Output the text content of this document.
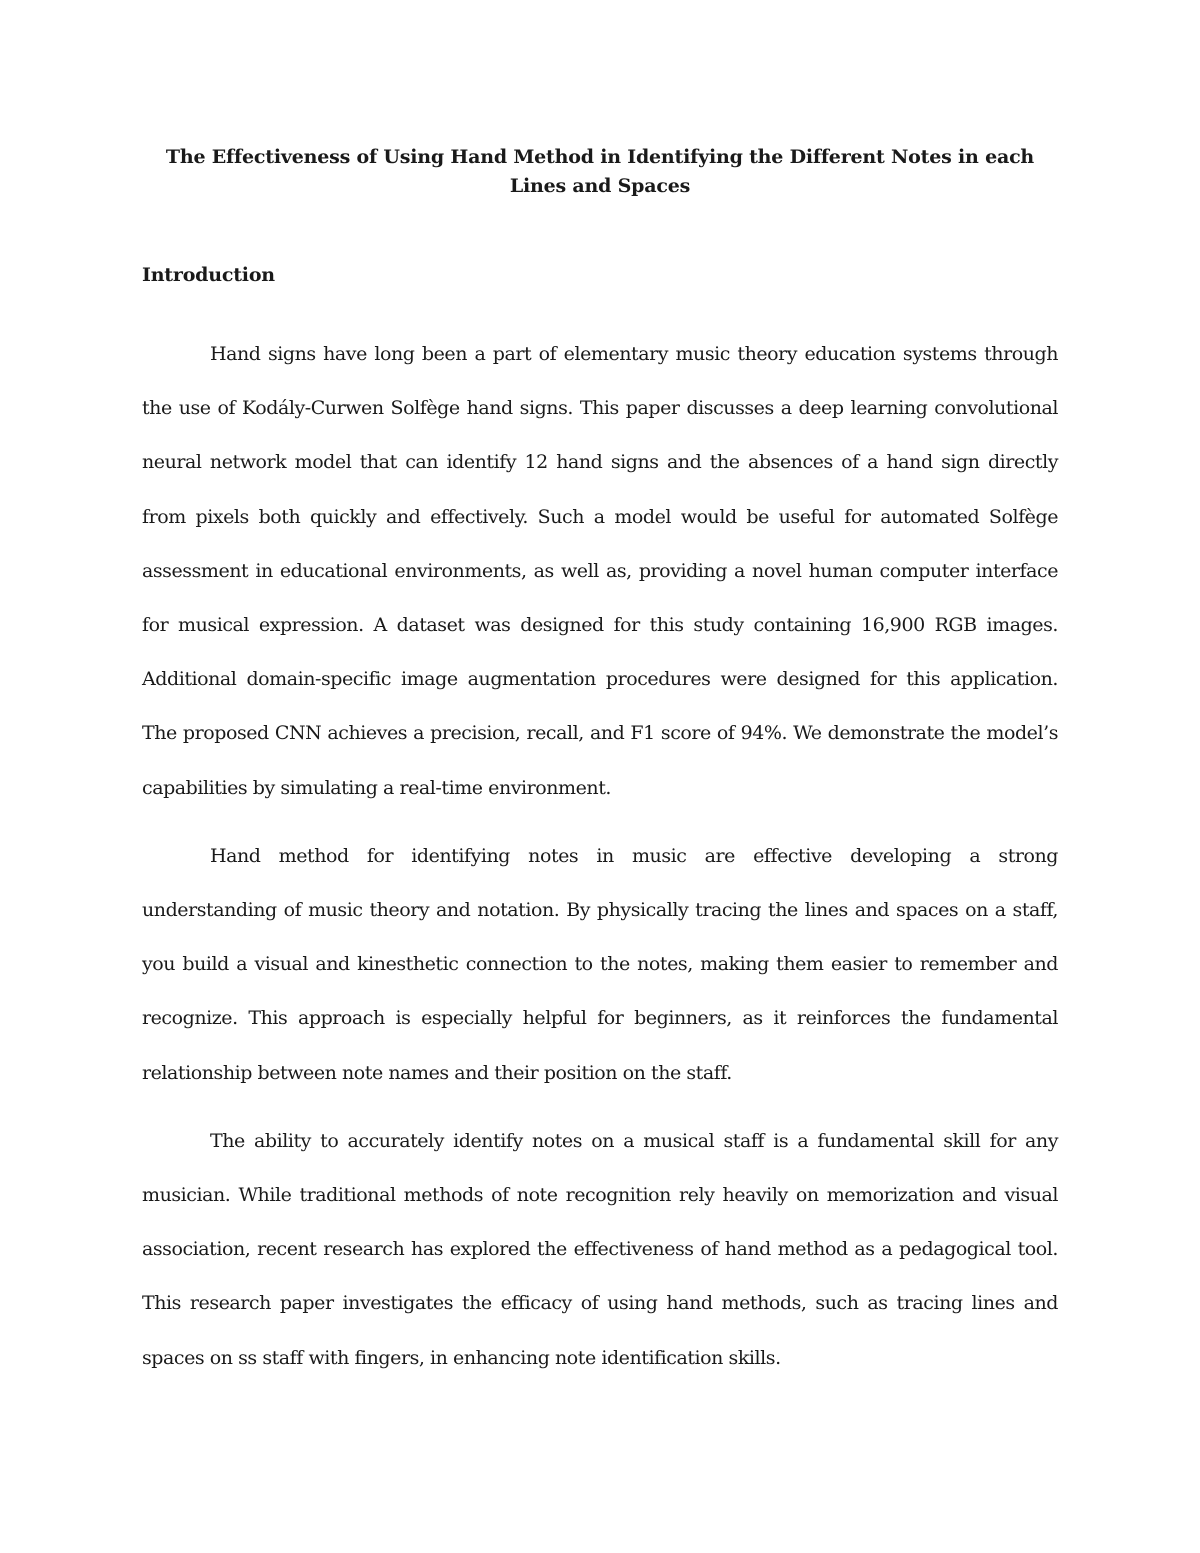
The Effectiveness of Using Hand Method in Identifying the Different Notes in each Lines and Spaces
Introduction

Hand signs have long been a part of elementary music theory education systems through the use of Kodály-Curwen Solfège hand signs. This paper discusses a deep learning convolutional neural network model that can identify 12 hand signs and the absences of a hand sign directly from pixels both quickly and effectively. Such a model would be useful for automated Solfège assessment in educational environments, as well as, providing a novel human computer interface for musical expression. A dataset was designed for this study containing 16,900 RGB images. Additional domain-specific image augmentation procedures were designed for this application. The proposed CNN achieves a precision, recall, and F1 score of 94%. We demonstrate the model’s capabilities by simulating a real-time environment.

Hand method for identifying notes in music are effective developing a strong understanding of music theory and notation. By physically tracing the lines and spaces on a staff, you build a visual and kinesthetic connection to the notes, making them easier to remember and recognize. This approach is especially helpful for beginners, as it reinforces the fundamental relationship between note names and their position on the staff.

The ability to accurately identify notes on a musical staff is a fundamental skill for any musician. While traditional methods of note recognition rely heavily on memorization and visual association, recent research has explored the effectiveness of hand method as a pedagogical tool. This research paper investigates the efficacy of using hand methods, such as tracing lines and spaces on ss staff with fingers, in enhancing note identification skills.
